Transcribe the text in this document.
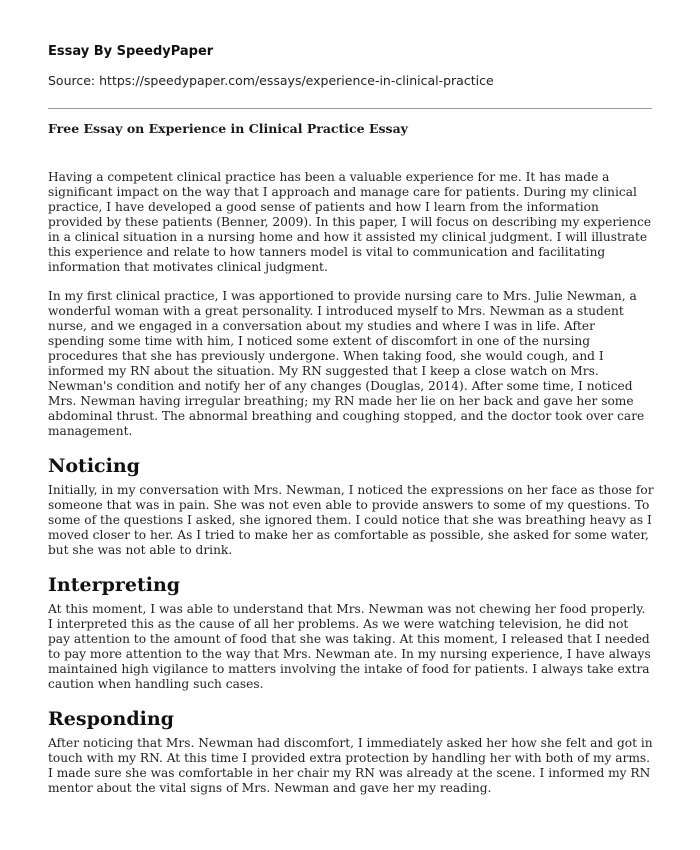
Essay By SpeedyPaper
Source: https://speedypaper.com/essays/experience-in-clinical-practice
Free Essay on Experience in Clinical Practice Essay

Having a competent clinical practice has been a valuable experience for me. It has made a significant impact on the way that I approach and manage care for patients. During my clinical practice, I have developed a good sense of patients and how I learn from the information provided by these patients (Benner, 2009). In this paper, I will focus on describing my experience in a clinical situation in a nursing home and how it assisted my clinical judgment. I will illustrate this experience and relate to how tanners model is vital to communication and facilitating information that motivates clinical judgment.

In my first clinical practice, I was apportioned to provide nursing care to Mrs. Julie Newman, a wonderful woman with a great personality. I introduced myself to Mrs. Newman as a student nurse, and we engaged in a conversation about my studies and where I was in life. After spending some time with him, I noticed some extent of discomfort in one of the nursing procedures that she has previously undergone. When taking food, she would cough, and I informed my RN about the situation. My RN suggested that I keep a close watch on Mrs. Newman's condition and notify her of any changes (Douglas, 2014). After some time, I noticed Mrs. Newman having irregular breathing; my RN made her lie on her back and gave her some abdominal thrust. The abnormal breathing and coughing stopped, and the doctor took over care management.

Noticing

Initially, in my conversation with Mrs. Newman, I noticed the expressions on her face as those for someone that was in pain. She was not even able to provide answers to some of my questions. To some of the questions I asked, she ignored them. I could notice that she was breathing heavy as I moved closer to her. As I tried to make her as comfortable as possible, she asked for some water, but she was not able to drink.

Interpreting

At this moment, I was able to understand that Mrs. Newman was not chewing her food properly. I interpreted this as the cause of all her problems. As we were watching television, he did not pay attention to the amount of food that she was taking. At this moment, I released that I needed to pay more attention to the way that Mrs. Newman ate. In my nursing experience, I have always maintained high vigilance to matters involving the intake of food for patients. I always take extra caution when handling such cases.

Responding

After noticing that Mrs. Newman had discomfort, I immediately asked her how she felt and got in touch with my RN. At this time I provided extra protection by handling her with both of my arms. I made sure she was comfortable in her chair my RN was already at the scene. I informed my RN mentor about the vital signs of Mrs. Newman and gave her my reading.
